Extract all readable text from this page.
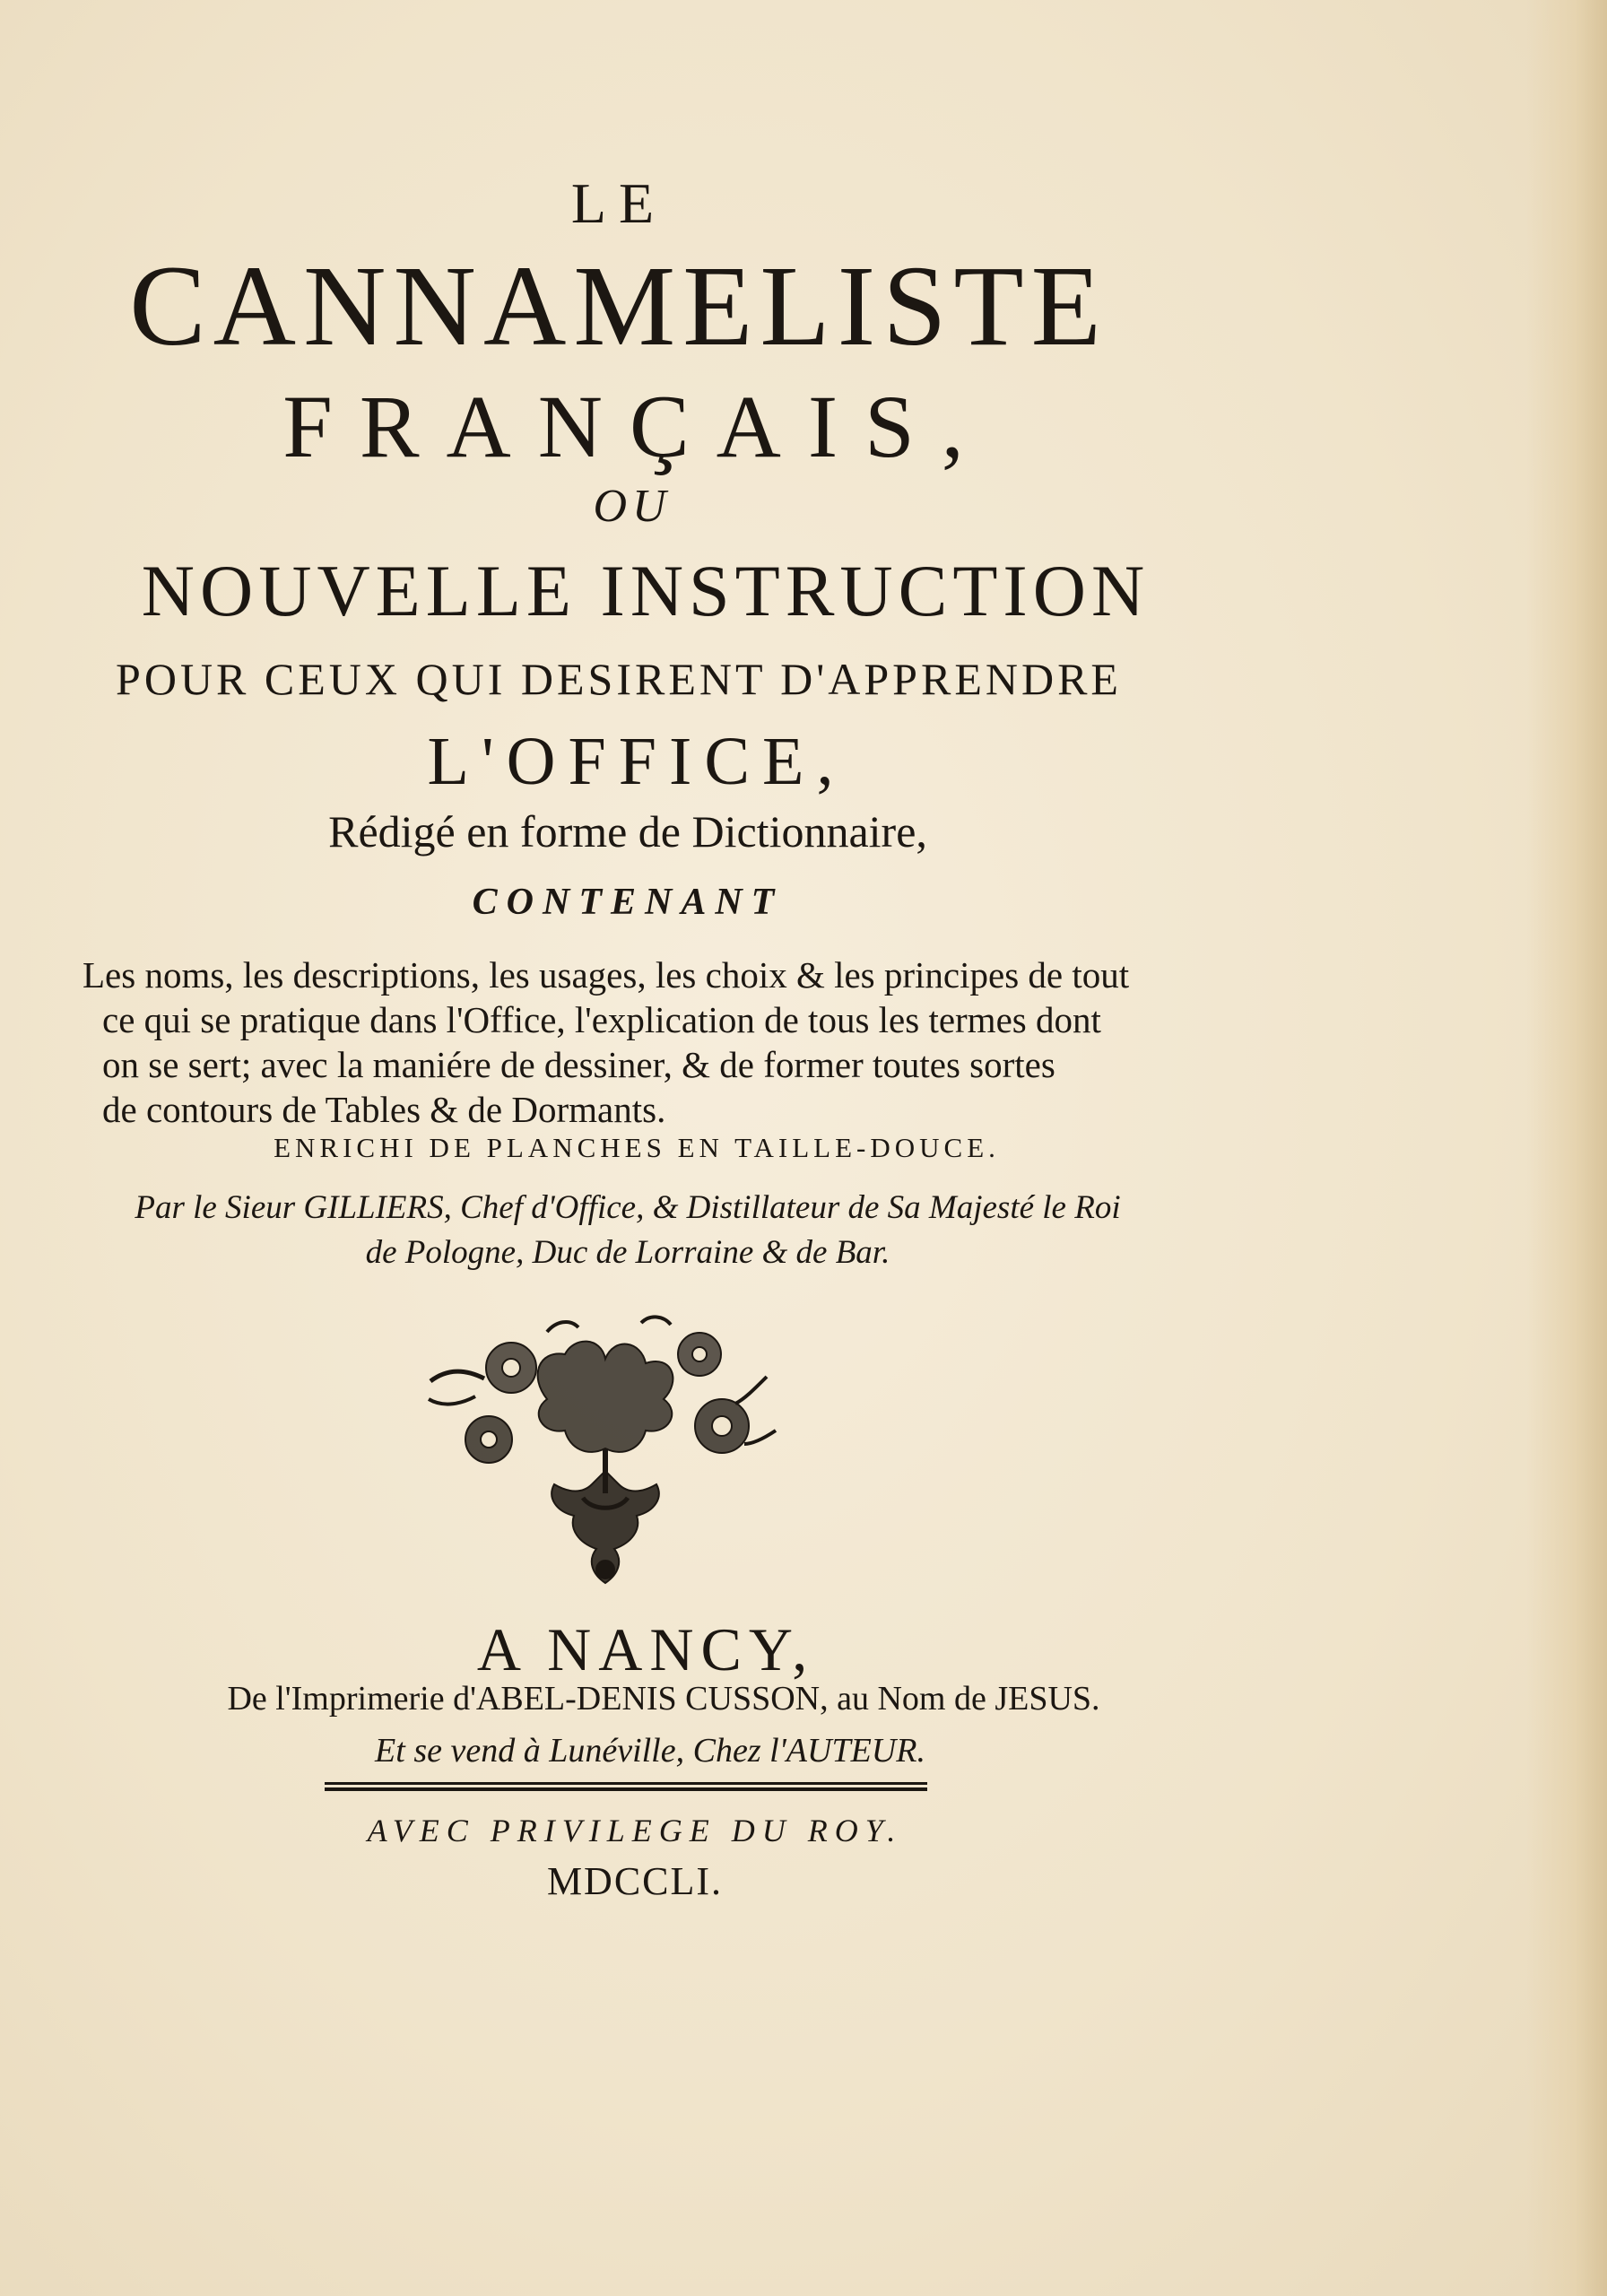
LE

CANNAMELISTE

FRANÇAIS,

OU

NOUVELLE INSTRUCTION

POUR CEUX QUI DESIRENT D'APPRENDRE

L'OFFICE,

Rédigé en forme de Dictionnaire,

CONTENANT

Les noms, les descriptions, les usages, les choix & les principes de tout
ce qui se pratique dans l'Office, l'explication de tous les termes dont
on se sert; avec la maniére de dessiner, & de former toutes sortes
de contours de Tables & de Dormants.

ENRICHI DE PLANCHES EN TAILLE-DOUCE.

Par le Sieur GILLIERS, Chef d'Office, & Distillateur de Sa Majesté le Roi
de Pologne, Duc de Lorraine & de Bar.

A NANCY,

De l'Imprimerie d'ABEL-DENIS CUSSON, au Nom de JESUS.

Et se vend à Lunéville, Chez l'AUTEUR.

AVEC PRIVILEGE DU ROY.

MDCCLI.
